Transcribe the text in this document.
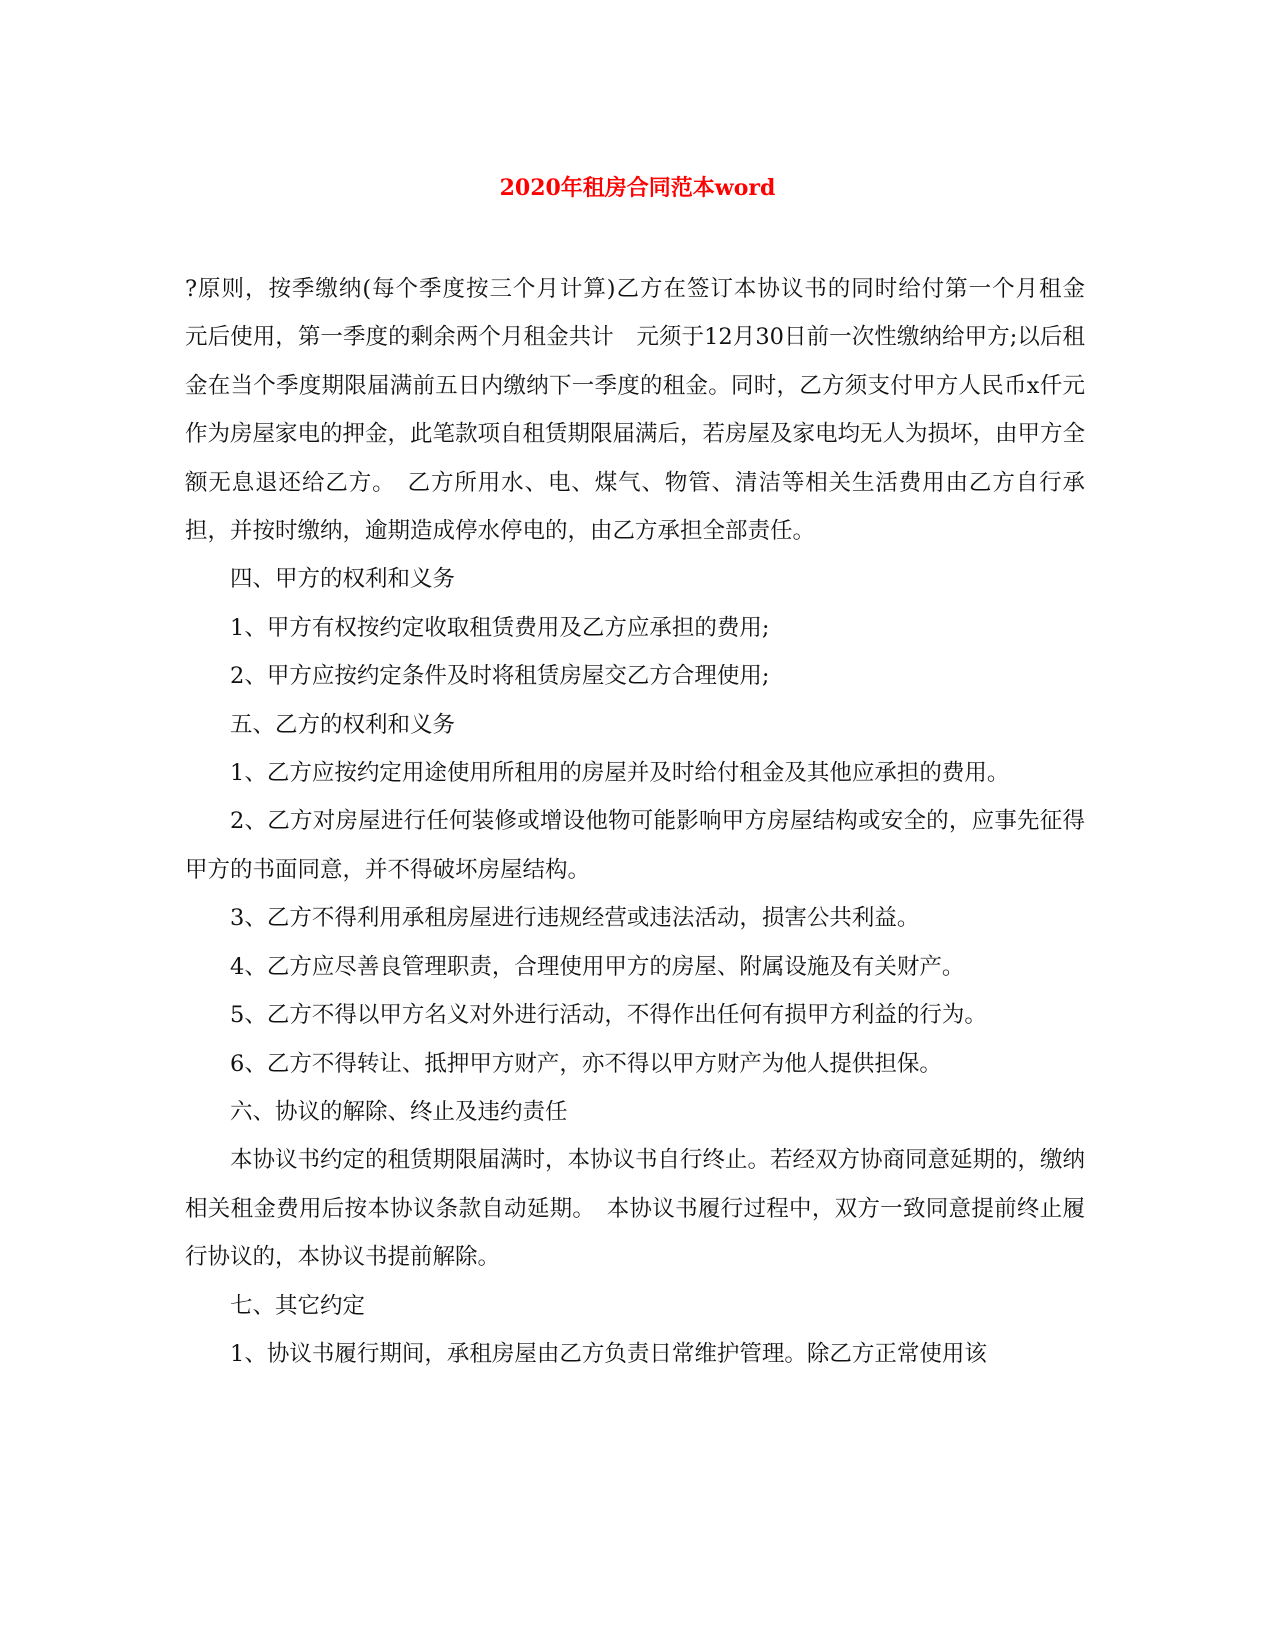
2020年租房合同范本word

?原则，按季缴纳(每个季度按三个月计算)乙方在签订本协议书的同时给付第一个月租金　元后使用，第一季度的剩余两个月租金共计　元须于12月30日前一次性缴纳给甲方;以后租金在当个季度期限届满前五日内缴纳下一季度的租金。同时，乙方须支付甲方人民币x仟元作为房屋家电的押金，此笔款项自租赁期限届满后，若房屋及家电均无人为损坏，由甲方全额无息退还给乙方。　乙方所用水、电、煤气、物管、清洁等相关生活费用由乙方自行承担，并按时缴纳，逾期造成停水停电的，由乙方承担全部责任。

四、甲方的权利和义务

1、甲方有权按约定收取租赁费用及乙方应承担的费用;

2、甲方应按约定条件及时将租赁房屋交乙方合理使用;

五、乙方的权利和义务

1、乙方应按约定用途使用所租用的房屋并及时给付租金及其他应承担的费用。

2、乙方对房屋进行任何装修或增设他物可能影响甲方房屋结构或安全的，应事先征得甲方的书面同意，并不得破坏房屋结构。

3、乙方不得利用承租房屋进行违规经营或违法活动，损害公共利益。

4、乙方应尽善良管理职责，合理使用甲方的房屋、附属设施及有关财产。

5、乙方不得以甲方名义对外进行活动，不得作出任何有损甲方利益的行为。

6、乙方不得转让、抵押甲方财产，亦不得以甲方财产为他人提供担保。

六、协议的解除、终止及违约责任

本协议书约定的租赁期限届满时，本协议书自行终止。若经双方协商同意延期的，缴纳相关租金费用后按本协议条款自动延期。　本协议书履行过程中，双方一致同意提前终止履行协议的，本协议书提前解除。

七、其它约定

1、协议书履行期间，承租房屋由乙方负责日常维护管理。除乙方正常使用该
